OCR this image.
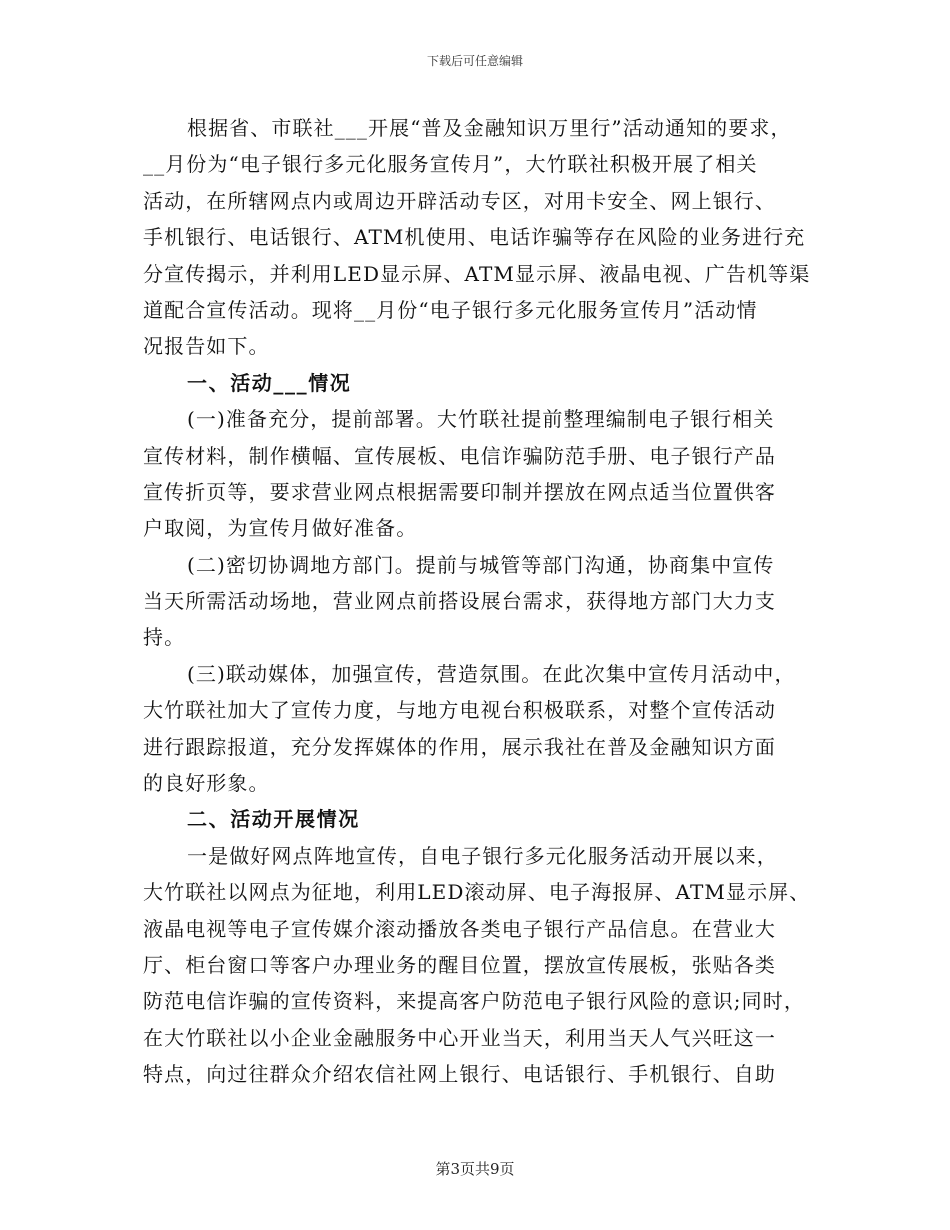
下载后可任意编辑
根据省、市联社___开展“普及金融知识万里行”活动通知的要求，
__月份为“电子银行多元化服务宣传月”，大竹联社积极开展了相关
活动，在所辖网点内或周边开辟活动专区，对用卡安全、网上银行、
手机银行、电话银行、ATM机使用、电话诈骗等存在风险的业务进行充
分宣传揭示，并利用LED显示屏、ATM显示屏、液晶电视、广告机等渠
道配合宣传活动。现将__月份“电子银行多元化服务宣传月”活动情
况报告如下。
一、活动___情况
(一)准备充分，提前部署。大竹联社提前整理编制电子银行相关
宣传材料，制作横幅、宣传展板、电信诈骗防范手册、电子银行产品
宣传折页等，要求营业网点根据需要印制并摆放在网点适当位置供客
户取阅，为宣传月做好准备。
(二)密切协调地方部门。提前与城管等部门沟通，协商集中宣传
当天所需活动场地，营业网点前搭设展台需求，获得地方部门大力支
持。
(三)联动媒体，加强宣传，营造氛围。在此次集中宣传月活动中，
大竹联社加大了宣传力度，与地方电视台积极联系，对整个宣传活动
进行跟踪报道，充分发挥媒体的作用，展示我社在普及金融知识方面
的良好形象。
二、活动开展情况
一是做好网点阵地宣传，自电子银行多元化服务活动开展以来，
大竹联社以网点为征地，利用LED滚动屏、电子海报屏、ATM显示屏、
液晶电视等电子宣传媒介滚动播放各类电子银行产品信息。在营业大
厅、柜台窗口等客户办理业务的醒目位置，摆放宣传展板，张贴各类
防范电信诈骗的宣传资料，来提高客户防范电子银行风险的意识;同时，
在大竹联社以小企业金融服务中心开业当天，利用当天人气兴旺这一
特点，向过往群众介绍农信社网上银行、电话银行、手机银行、自助
第3页共9页
